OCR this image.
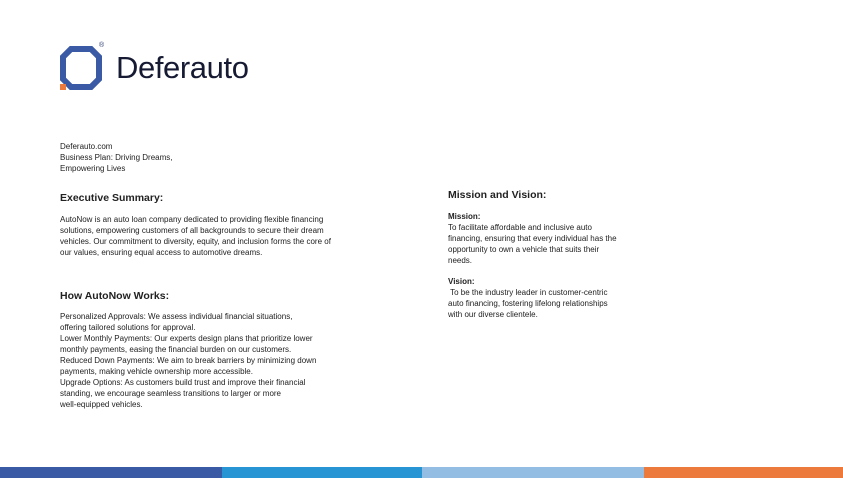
®
Deferauto
Deferauto.com
Business Plan: Driving Dreams,
Empowering Lives
Executive Summary:
AutoNow is an auto loan company dedicated to providing flexible financing
solutions, empowering customers of all backgrounds to secure their dream
vehicles. Our commitment to diversity, equity, and inclusion forms the core of
our values, ensuring equal access to automotive dreams.
How AutoNow Works:
Personalized Approvals: We assess individual financial situations,
offering tailored solutions for approval.
Lower Monthly Payments: Our experts design plans that prioritize lower
monthly payments, easing the financial burden on our customers.
Reduced Down Payments: We aim to break barriers by minimizing down
payments, making vehicle ownership more accessible.
Upgrade Options: As customers build trust and improve their financial
standing, we encourage seamless transitions to larger or more
well-equipped vehicles.
Mission and Vision:
Mission:
To facilitate affordable and inclusive auto
financing, ensuring that every individual has the
opportunity to own a vehicle that suits their
needs.
Vision:
To be the industry leader in customer-centric
auto financing, fostering lifelong relationships
with our diverse clientele.
